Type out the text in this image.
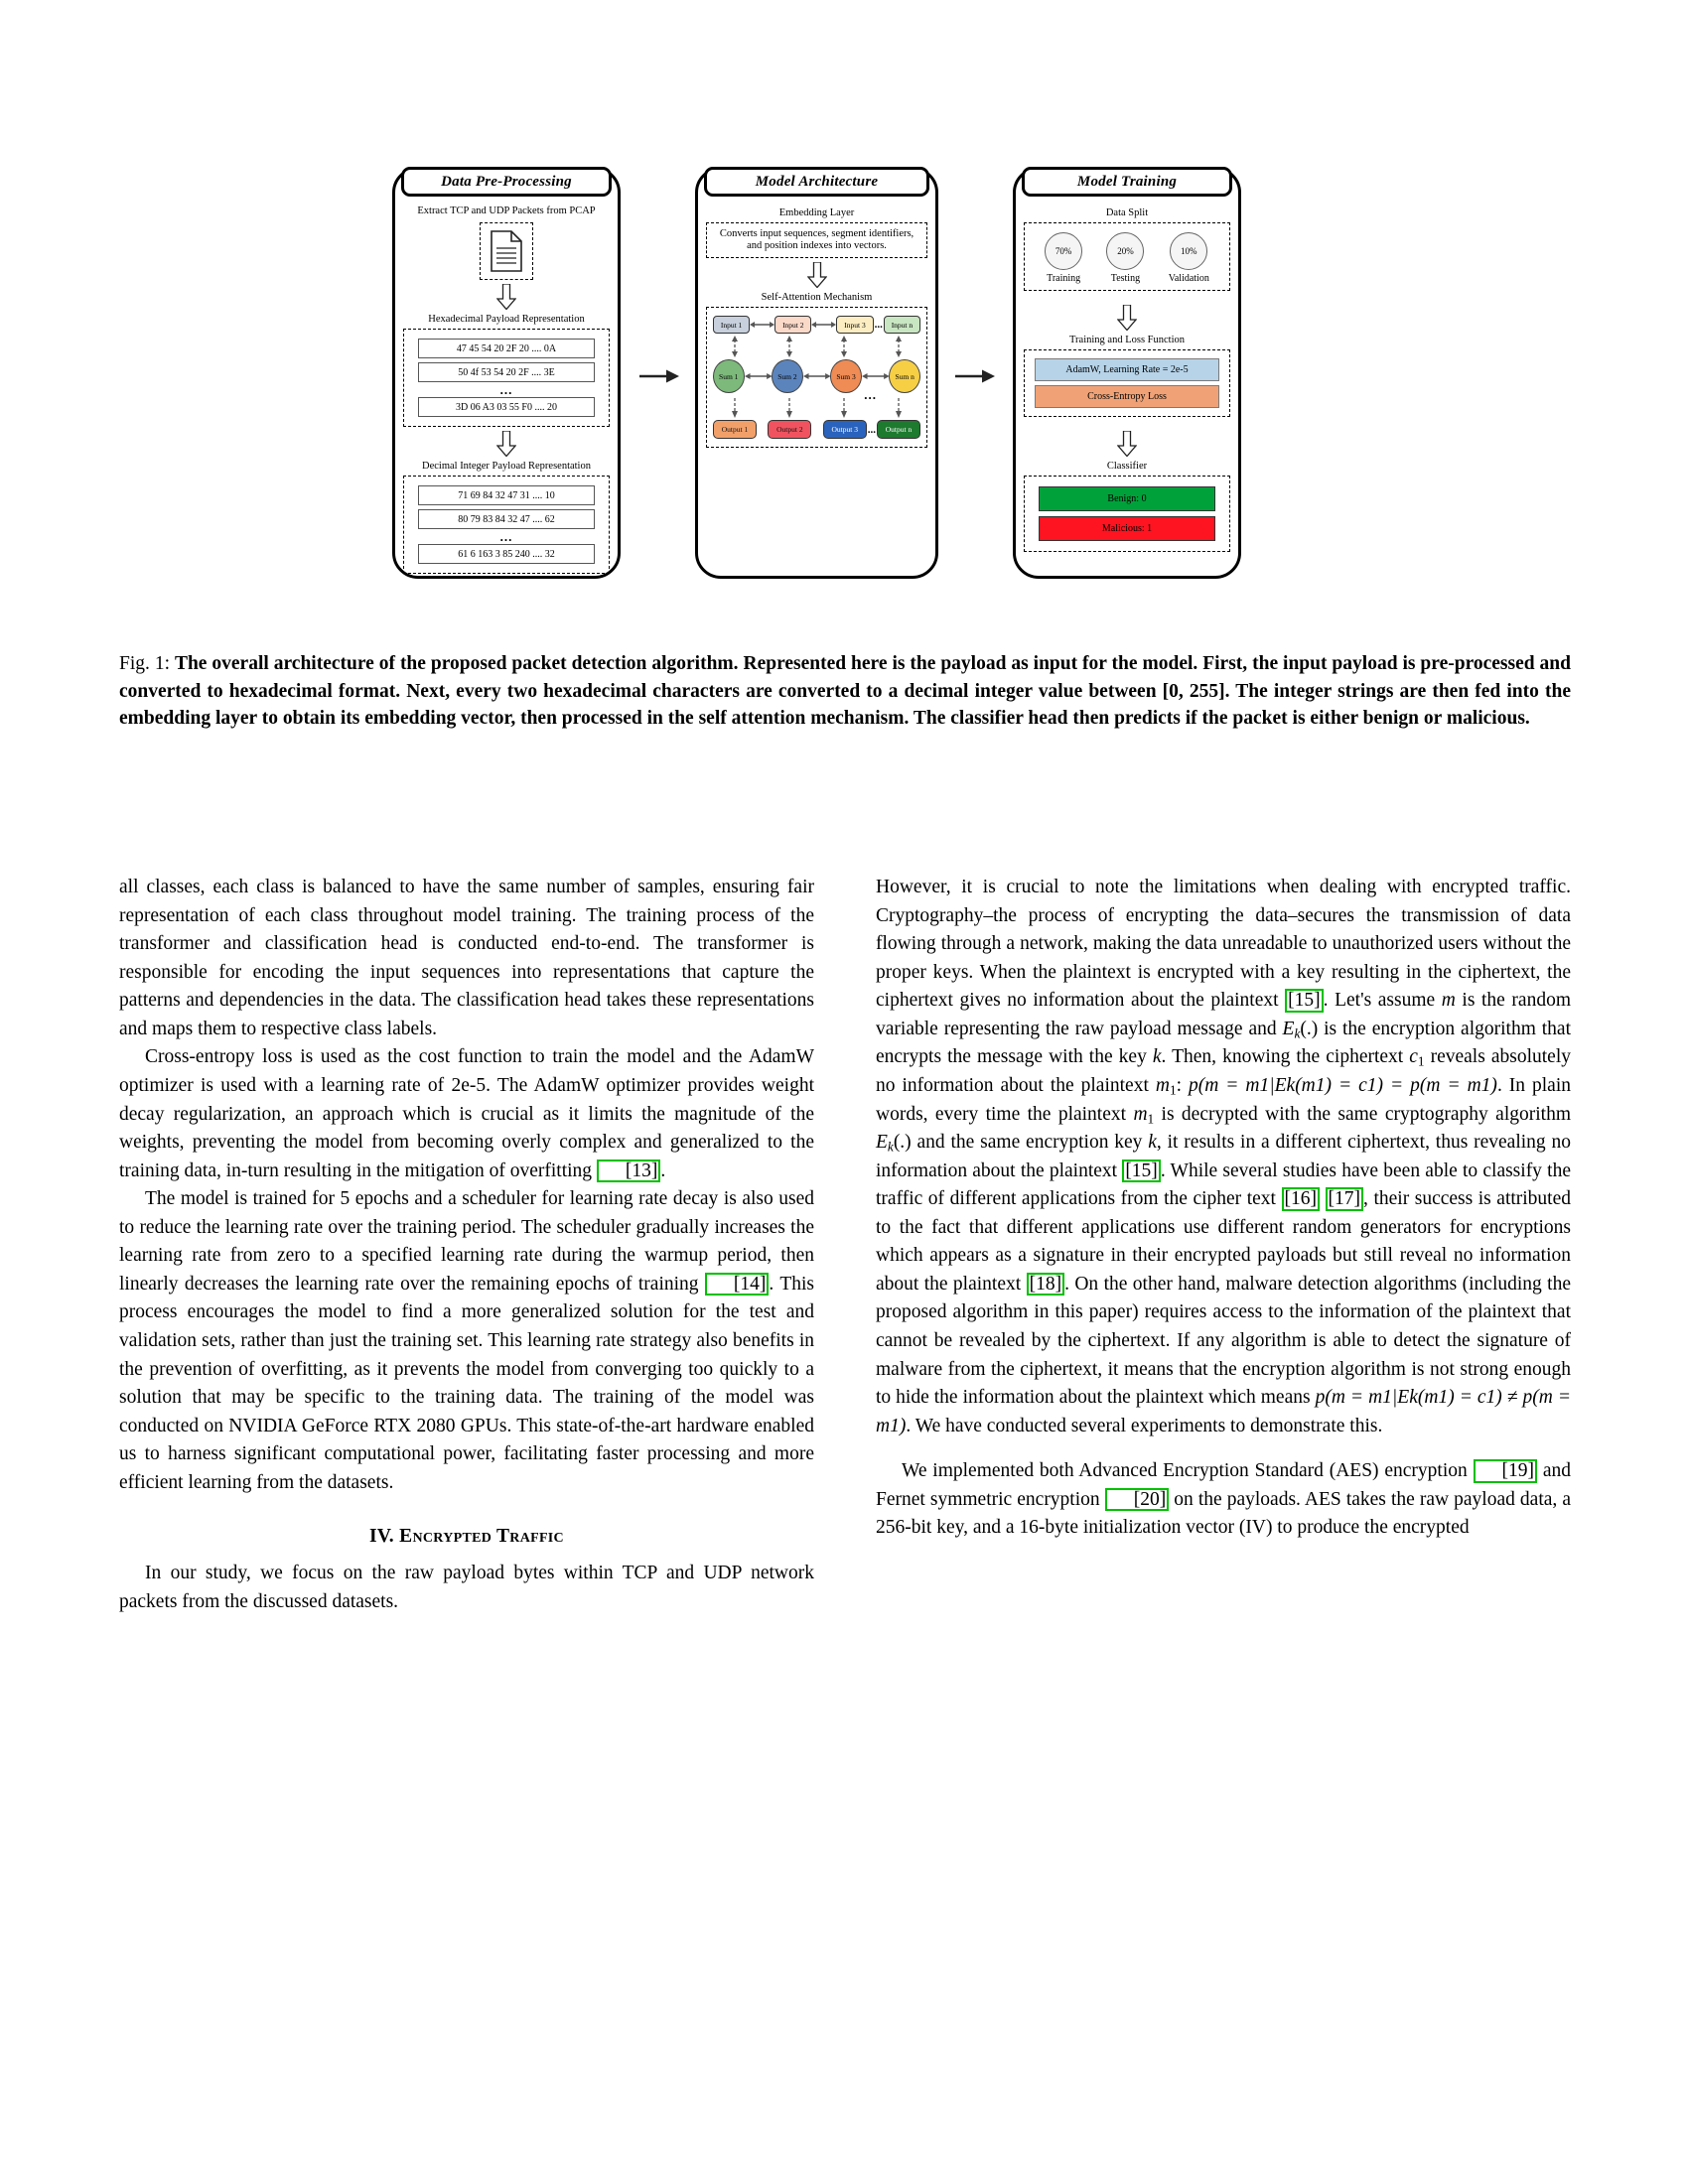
Data Pre-Processing

Extract TCP and UDP Packets from PCAP

Hexadecimal Payload Representation

47 45 54 20 2F 20 .... 0A
50 4f 53 54 20 2F .... 3E
...
3D 06 A3 03 55 F0 .... 20

Decimal Integer Payload Representation

71 69 84 32 47 31 .... 10
80 79 83 84 32 47 .... 62
...
61 6 163 3 85 240 .... 32
Model Architecture

Embedding Layer

Converts input sequences, segment identifiers, and position indexes into vectors.

Self-Attention Mechanism

Input 1	Input 2	Input 3 ...	Input n
Sum 1	Sum 2	Sum 3	Sum n
...
Output 1	Output 2	Output 3 ...	Output n
Model Training

Data Split

70%
Training
20%
Testing
10%
Validation

Training and Loss Function

AdamW, Learning Rate = 2e-5
Cross-Entropy Loss

Classifier

Benign: 0
Malicious: 1
Fig. 1: The overall architecture of the proposed packet detection algorithm. Represented here is the payload as input for the model. First, the input payload is pre-processed and converted to hexadecimal format. Next, every two hexadecimal characters are converted to a decimal integer value between [0, 255]. The integer strings are then fed into the embedding layer to obtain its embedding vector, then processed in the self attention mechanism. The classifier head then predicts if the packet is either benign or malicious.

all classes, each class is balanced to have the same number of samples, ensuring fair representation of each class throughout model training. The training process of the transformer and classification head is conducted end-to-end. The transformer is responsible for encoding the input sequences into representations that capture the patterns and dependencies in the data. The classification head takes these representations and maps them to respective class labels.

Cross-entropy loss is used as the cost function to train the model and the AdamW optimizer is used with a learning rate of 2e-5. The AdamW optimizer provides weight decay regularization, an approach which is crucial as it limits the magnitude of the weights, preventing the model from becoming overly complex and generalized to the training data, in-turn resulting in the mitigation of overfitting [13] .

The model is trained for 5 epochs and a scheduler for learning rate decay is also used to reduce the learning rate over the training period. The scheduler gradually increases the learning rate from zero to a specified learning rate during the warmup period, then linearly decreases the learning rate over the remaining epochs of training [14] . This process encourages the model to find a more generalized solution for the test and validation sets, rather than just the training set. This learning rate strategy also benefits in the prevention of overfitting, as it prevents the model from converging too quickly to a solution that may be specific to the training data. The training of the model was conducted on NVIDIA GeForce RTX 2080 GPUs. This state-of-the-art hardware enabled us to harness significant computational power, facilitating faster processing and more efficient learning from the datasets.

IV. Encrypted Traffic

In our study, we focus on the raw payload bytes within TCP and UDP network packets from the discussed datasets.

However, it is crucial to note the limitations when dealing with encrypted traffic. Cryptography–the process of encrypting the data–secures the transmission of data flowing through a network, making the data unreadable to unauthorized users without the proper keys. When the plaintext is encrypted with a key resulting in the ciphertext, the ciphertext gives no information about the plaintext [15] . Let's assume m is the random variable representing the raw payload message and $E_k(.)$ is the encryption algorithm that encrypts the message with the key k. Then, knowing the ciphertext c1 reveals absolutely no information about the plaintext m1: p(m = m1|Ek(m1) = c1) = p(m = m1). In plain words, every time the plaintext m1 is decrypted with the same cryptography algorithm $E_k(.)$ and the same encryption key k, it results in a different ciphertext, thus revealing no information about the plaintext [15] . While several studies have been able to classify the traffic of different applications from the cipher text [16] [17] , their success is attributed to the fact that different applications use different random generators for encryptions which appears as a signature in their encrypted payloads but still reveal no information about the plaintext [18] . On the other hand, malware detection algorithms (including the proposed algorithm in this paper) requires access to the information of the plaintext that cannot be revealed by the ciphertext. If any algorithm is able to detect the signature of malware from the ciphertext, it means that the encryption algorithm is not strong enough to hide the information about the plaintext which means p(m = m1|Ek(m1) = c1) ≠ p(m = m1). We have conducted several experiments to demonstrate this.

We implemented both Advanced Encryption Standard (AES) encryption [19] and Fernet symmetric encryption [20] on the payloads. AES takes the raw payload data, a 256-bit key, and a 16-byte initialization vector (IV) to produce the encrypted
